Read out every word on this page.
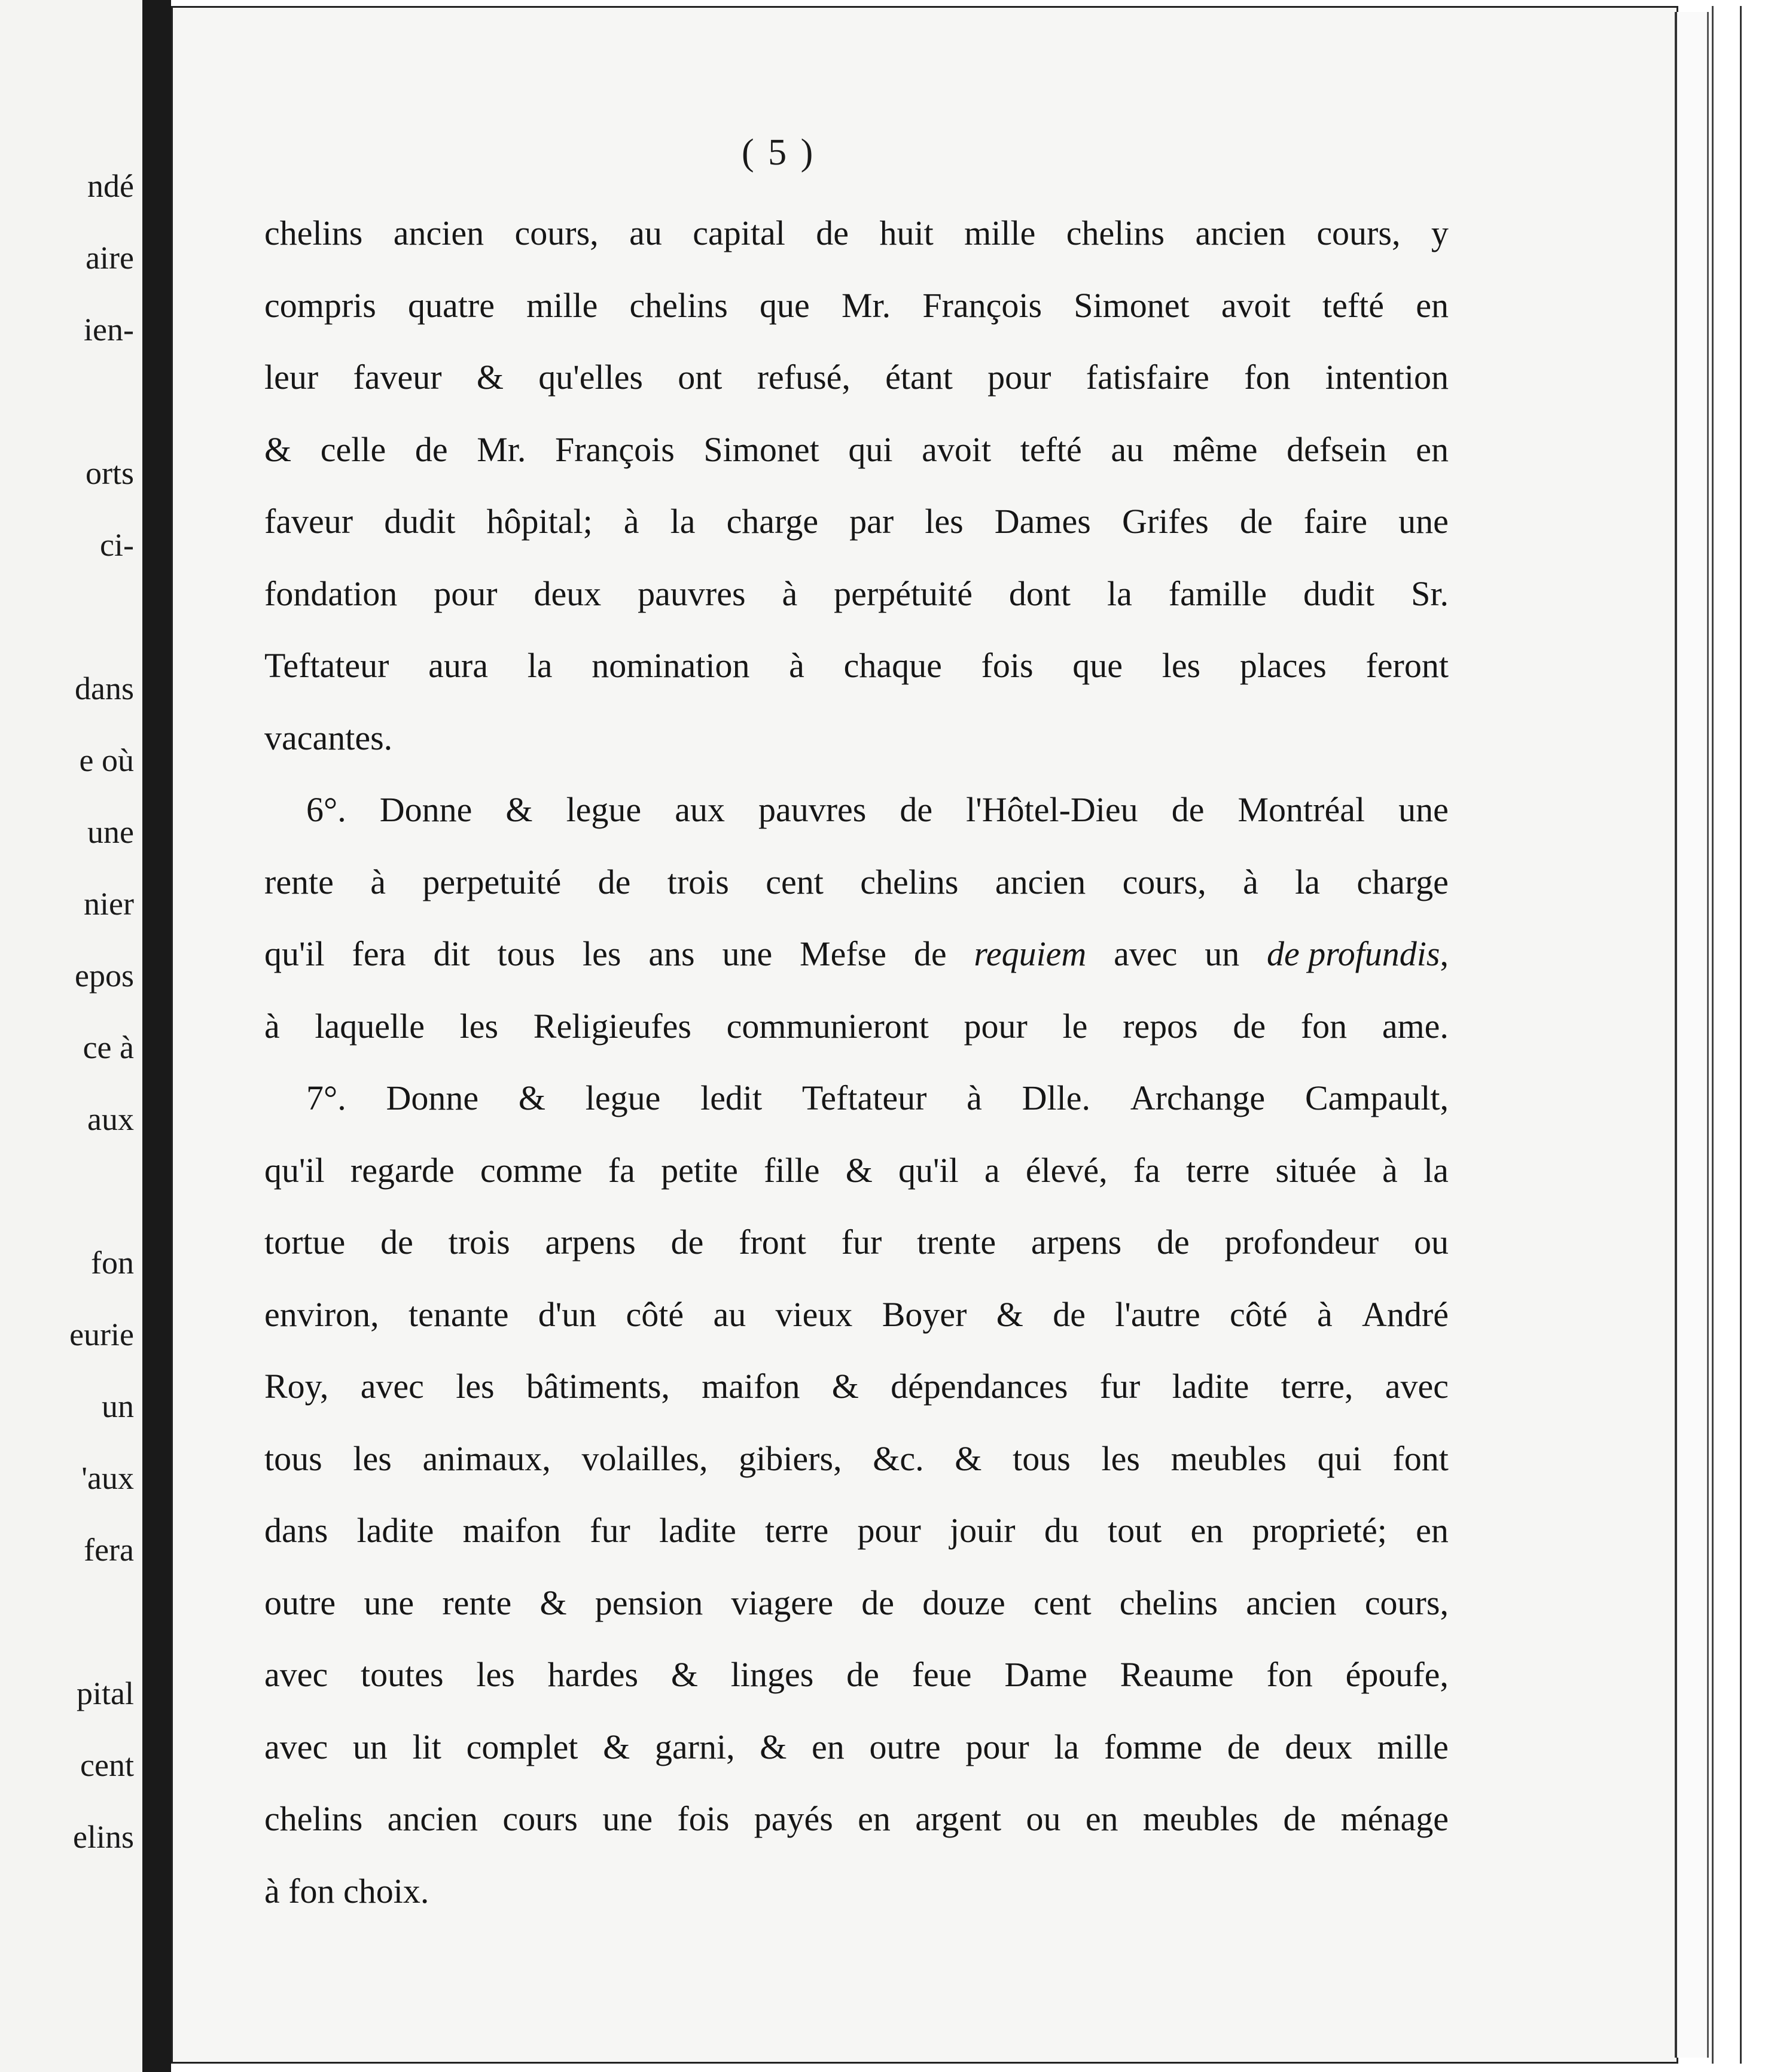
ndé
aire
ien-
orts
ci-
dans
e où
une
nier
epos
ce à
aux
fon
eurie
un
'aux
fera
pital
cent
elins
( 5 )
chelins ancien cours, au capital de huit mille chelins ancien cours, y
compris quatre mille chelins que Mr. François Simonet avoit tefté en
leur faveur & qu'elles ont refusé, étant pour fatisfaire fon intention
& celle de Mr. François Simonet qui avoit tefté au même defsein en
faveur dudit hôpital; à la charge par les Dames Grifes de faire une
fondation pour deux pauvres à perpétuité dont la famille dudit Sr.
Teftateur aura la nomination à chaque fois que les places feront
vacantes.
6°. Donne & legue aux pauvres de l'Hôtel-Dieu de Montréal une
rente à perpetuité de trois cent chelins ancien cours, à la charge
qu'il fera dit tous les ans une Mefse de requiem avec un de profundis,
à laquelle les Religieufes communieront pour le repos de fon ame.
7°. Donne & legue ledit Teftateur à Dlle. Archange Campault,
qu'il regarde comme fa petite fille & qu'il a élevé, fa terre située à la
tortue de trois arpens de front fur trente arpens de profondeur ou
environ, tenante d'un côté au vieux Boyer & de l'autre côté à André
Roy, avec les bâtiments, maifon & dépendances fur ladite terre, avec
tous les animaux, volailles, gibiers, &c. & tous les meubles qui font
dans ladite maifon fur ladite terre pour jouir du tout en proprieté; en
outre une rente & pension viagere de douze cent chelins ancien cours,
avec toutes les hardes & linges de feue Dame Reaume fon époufe,
avec un lit complet & garni, & en outre pour la fomme de deux mille
chelins ancien cours une fois payés en argent ou en meubles de ménage
à fon choix.
